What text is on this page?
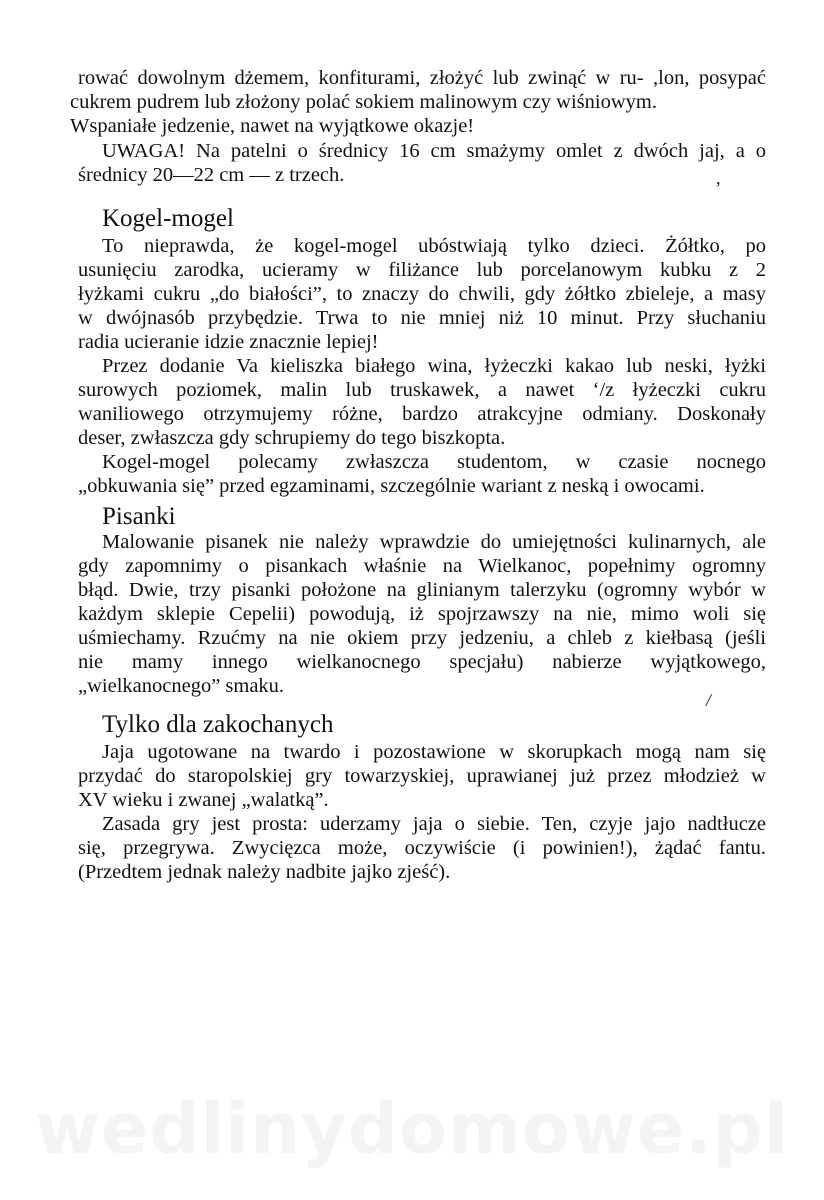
rować dowolnym dżemem, konfiturami, złożyć lub zwinąć w ru- ,lon, posypać
cukrem pudrem lub złożony polać sokiem malinowym czy wiśniowym.
Wspaniałe jedzenie, nawet na wyjątkowe okazje!
UWAGA! Na patelni o średnicy 16 cm smażymy omlet z dwóch jaj, a o
średnicy 20—22 cm — z trzech.	,
Kogel-mogel
To nieprawda, że kogel-mogel ubóstwiają tylko dzieci. Żółtko, po
usunięciu zarodka, ucieramy w filiżance lub porcelanowym kubku z 2
łyżkami cukru „do białości”, to znaczy do chwili, gdy żółtko zbieleje, a masy
w dwójnasób przybędzie. Trwa to nie mniej niż 10 minut. Przy słuchaniu
radia ucieranie idzie znacznie lepiej!
Przez dodanie Va kieliszka białego wina, łyżeczki kakao lub neski, łyżki
surowych poziomek, malin lub truskawek, a nawet ‘/z łyżeczki cukru
waniliowego otrzymujemy różne, bardzo atrakcyjne odmiany. Doskonały
deser, zwłaszcza gdy schrupiemy do tego biszkopta.
Kogel-mogel polecamy zwłaszcza studentom, w czasie nocnego
„obkuwania się” przed egzaminami, szczególnie wariant z neską i owocami.
Pisanki
Malowanie pisanek nie należy wprawdzie do umiejętności kulinarnych, ale
gdy zapomnimy o pisankach właśnie na Wielkanoc, popełnimy ogromny
błąd. Dwie, trzy pisanki położone na glinianym talerzyku (ogromny wybór w
każdym sklepie Cepelii) powodują, iż spojrzawszy na nie, mimo woli się
uśmiechamy. Rzućmy na nie okiem przy jedzeniu, a chleb z kiełbasą (jeśli
nie mamy innego wielkanocnego specjału) nabierze wyjątkowego,
„wielkanocnego” smaku.
/
Tylko dla zakochanych
Jaja ugotowane na twardo i pozostawione w skorupkach mogą nam się
przydać do staropolskiej gry towarzyskiej, uprawianej już przez młodzież w
XV wieku i zwanej „walatką”.
Zasada gry jest prosta: uderzamy jaja o siebie. Ten, czyje jajo nadtłucze
się, przegrywa. Zwycięzca może, oczywiście (i powinien!), żądać fantu.
(Przedtem jednak należy nadbite jajko zjeść).
wedlinydomowe.pl
